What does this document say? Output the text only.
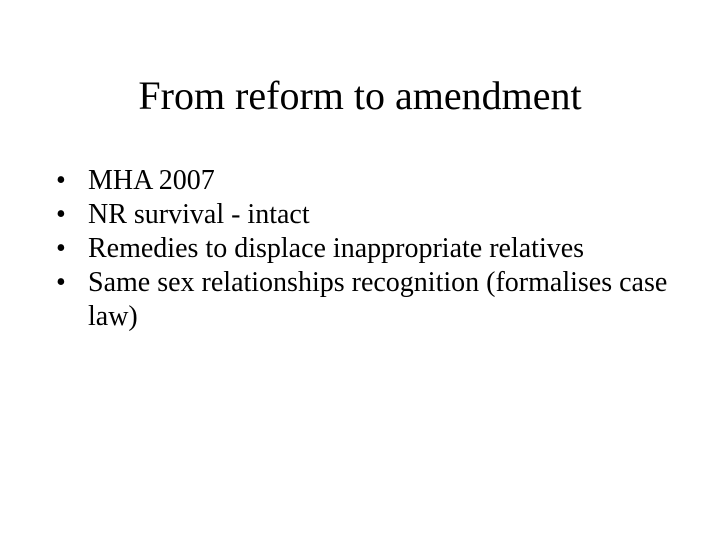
From reform to amendment
• MHA 2007
• NR survival - intact
• Remedies to displace inappropriate relatives
• Same sex relationships recognition (formalises case law)
